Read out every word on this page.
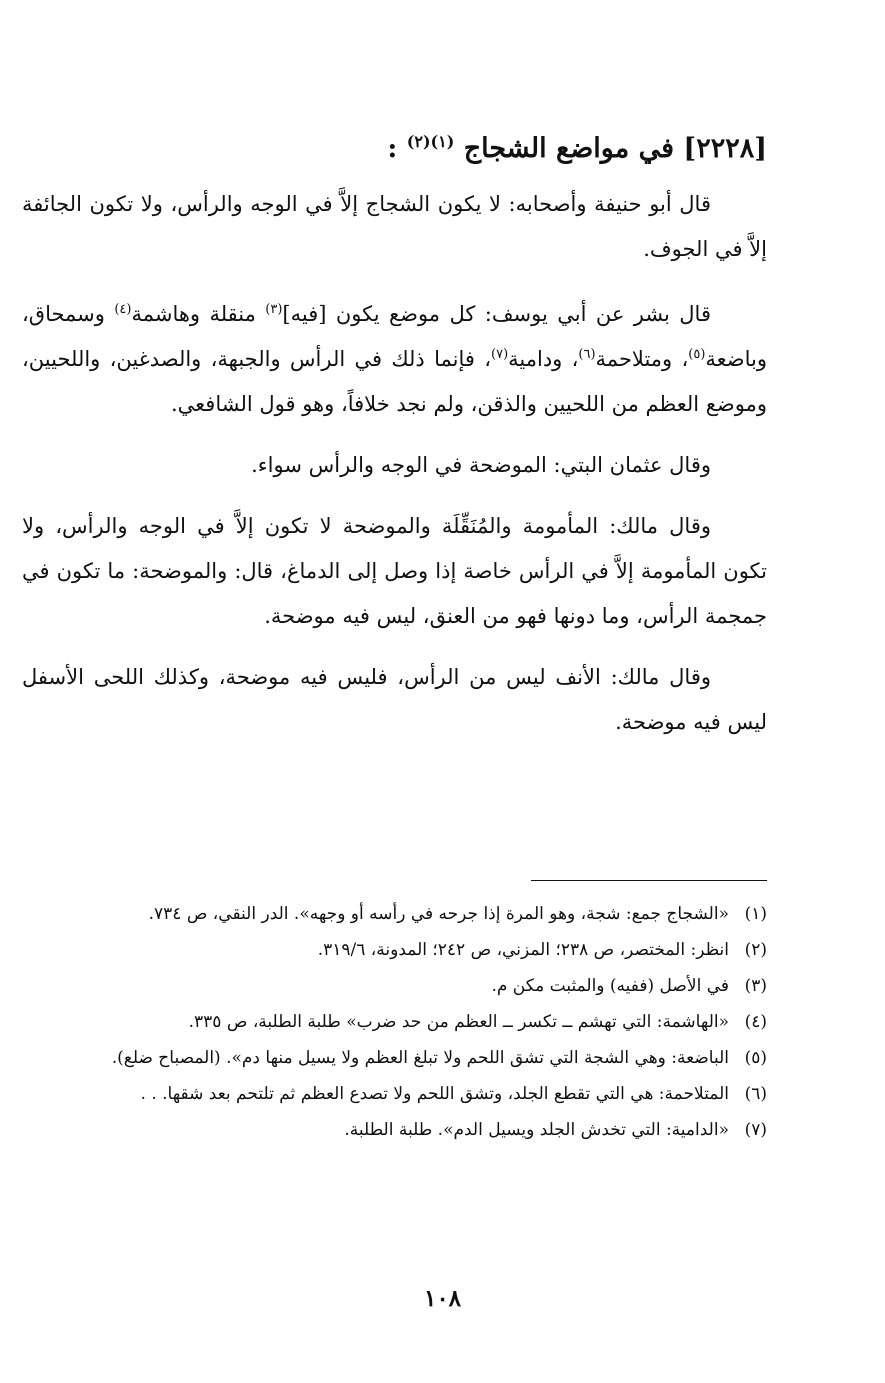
[٢٢٢٨] في مواضع الشجاج $^{(١)(٢)}$ :

قال أبو حنيفة وأصحابه: لا يكون الشجاج إلاَّ في الوجه والرأس، ولا تكون الجائفة إلاَّ في الجوف.

قال بشر عن أبي يوسف: كل موضع يكون [فيه]$^{(٣)}$ منقلة وهاشمة$^{(٤)}$ وسمحاق، وباضعة$^{(٥)}$، ومتلاحمة$^{(٦)}$، ودامية$^{(٧)}$، فإنما ذلك في الرأس والجبهة، والصدغين، واللحيين، وموضع العظم من اللحيين والذقن، ولم نجد خلافاً، وهو قول الشافعي.

وقال عثمان البتي: الموضحة في الوجه والرأس سواء.

وقال مالك: المأمومة والمُنَقِّلَة والموضحة لا تكون إلاَّ في الوجه والرأس، ولا تكون المأمومة إلاَّ في الرأس خاصة إذا وصل إلى الدماغ، قال: والموضحة: ما تكون في جمجمة الرأس، وما دونها فهو من العنق، ليس فيه موضحة.

وقال مالك: الأنف ليس من الرأس، فليس فيه موضحة، وكذلك اللحى الأسفل ليس فيه موضحة.

(١)
«الشجاج جمع: شجة، وهو المرة إذا جرحه في رأسه أو وجهه». الدر النقي، ص ٧٣٤.
(٢)
انظر: المختصر، ص ٢٣٨؛ المزني، ص ٢٤٢؛ المدونة، ٣١٩/٦.
(٣)
في الأصل (ففيه) والمثبت مكن م.
(٤)
«الهاشمة: التي تهشم ــ تكسر ــ العظم من حد ضرب» طلبة الطلبة، ص ٣٣٥.
(٥)
الباضعة: وهي الشجة التي تشق اللحم ولا تبلغ العظم ولا يسيل منها دم». (المصباح ضلع).
(٦)
المتلاحمة: هي التي تقطع الجلد، وتشق اللحم ولا تصدع العظم ثم تلتحم بعد شقها. . .
(٧)
«الدامية: التي تخدش الجلد ويسيل الدم». طلبة الطلبة.
١٠٨
